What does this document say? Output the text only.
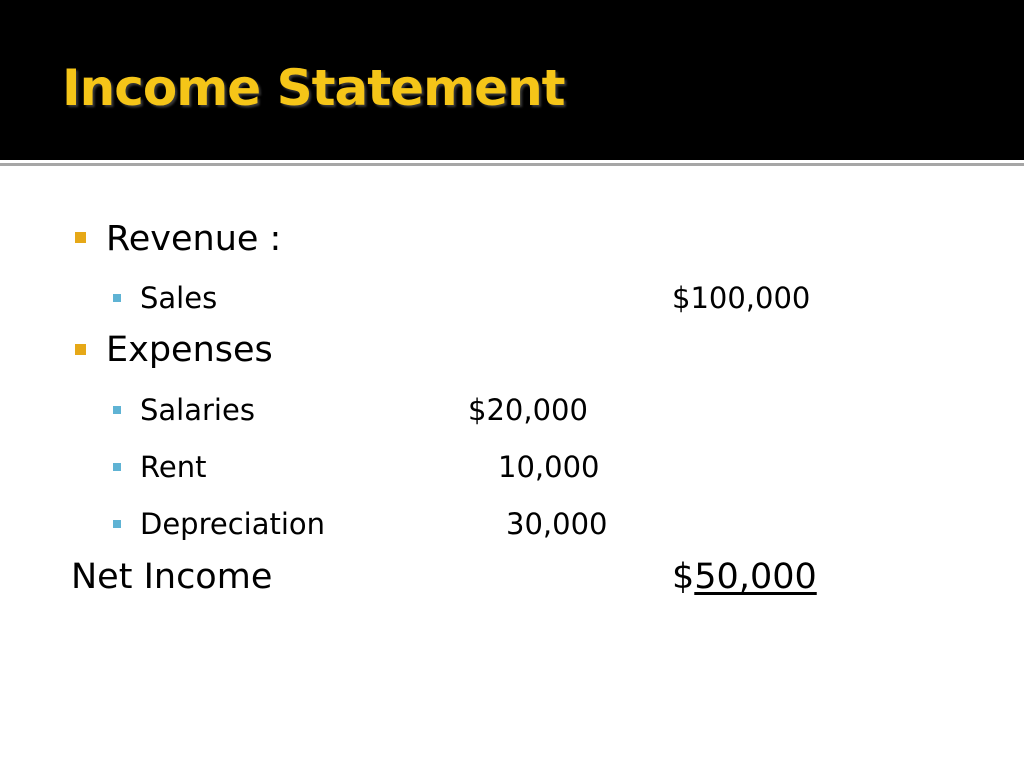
Income Statement
Revenue :
Sales	$100,000
Expenses
Salaries	$20,000
Rent	10,000
Depreciation	30,000
Net Income	$50,000
